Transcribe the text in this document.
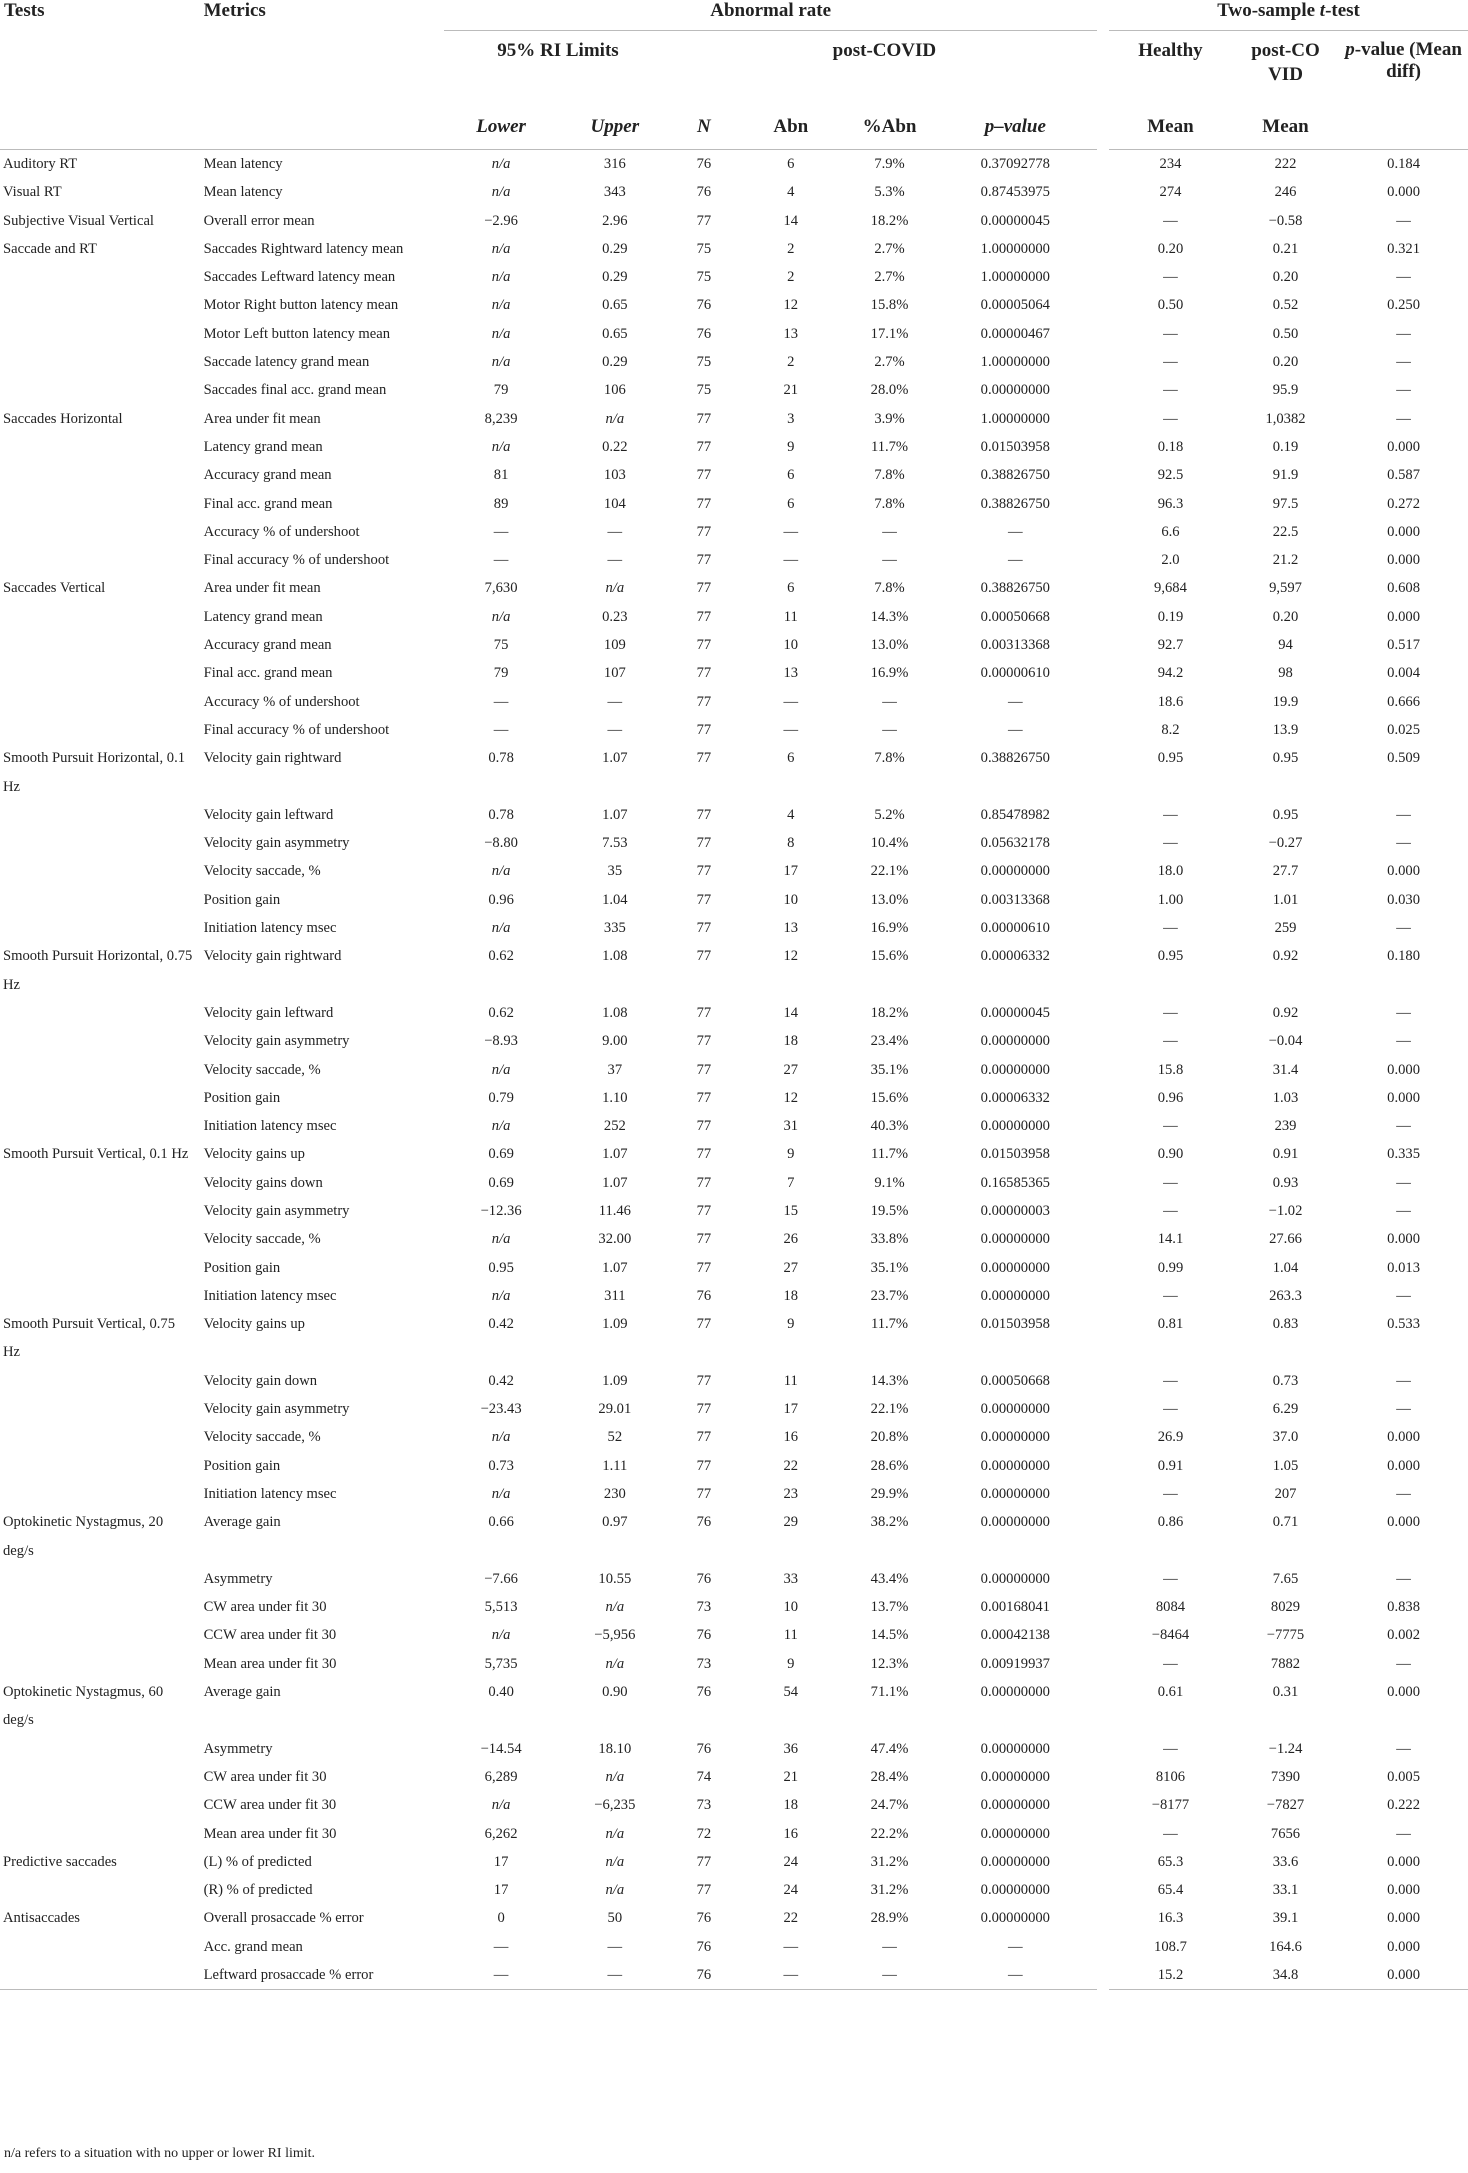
Tests	Metrics	Abnormal rate						Two-sample t-test		
		95% RI Limits		post-COVID				Healthy	post-COVID	p-value (Mean diff)
		Lower	Upper	N	Abn	%Abn	p–value	Mean	Mean	
Auditory RT	Mean latency	n/a	316	76	6	7.9%	0.37092778	234	222	0.184
Visual RT	Mean latency	n/a	343	76	4	5.3%	0.87453975	274	246	0.000
Subjective Visual Vertical	Overall error mean	−2.96	2.96	77	14	18.2%	0.00000045	—	−0.58	—
Saccade and RT	Saccades Rightward latency mean	n/a	0.29	75	2	2.7%	1.00000000	0.20	0.21	0.321
	Saccades Leftward latency mean	n/a	0.29	75	2	2.7%	1.00000000	—	0.20	—
	Motor Right button latency mean	n/a	0.65	76	12	15.8%	0.00005064	0.50	0.52	0.250
	Motor Left button latency mean	n/a	0.65	76	13	17.1%	0.00000467	—	0.50	—
	Saccade latency grand mean	n/a	0.29	75	2	2.7%	1.00000000	—	0.20	—
	Saccades final acc. grand mean	79	106	75	21	28.0%	0.00000000	—	95.9	—
Saccades Horizontal	Area under fit mean	8,239	n/a	77	3	3.9%	1.00000000	—	1,0382	—
	Latency grand mean	n/a	0.22	77	9	11.7%	0.01503958	0.18	0.19	0.000
	Accuracy grand mean	81	103	77	6	7.8%	0.38826750	92.5	91.9	0.587
	Final acc. grand mean	89	104	77	6	7.8%	0.38826750	96.3	97.5	0.272
	Accuracy % of undershoot	—	—	77	—	—	—	6.6	22.5	0.000
	Final accuracy % of undershoot	—	—	77	—	—	—	2.0	21.2	0.000
Saccades Vertical	Area under fit mean	7,630	n/a	77	6	7.8%	0.38826750	9,684	9,597	0.608
	Latency grand mean	n/a	0.23	77	11	14.3%	0.00050668	0.19	0.20	0.000
	Accuracy grand mean	75	109	77	10	13.0%	0.00313368	92.7	94	0.517
	Final acc. grand mean	79	107	77	13	16.9%	0.00000610	94.2	98	0.004
	Accuracy % of undershoot	—	—	77	—	—	—	18.6	19.9	0.666
	Final accuracy % of undershoot	—	—	77	—	—	—	8.2	13.9	0.025
Smooth Pursuit Horizontal, 0.1 Hz	Velocity gain rightward	0.78	1.07	77	6	7.8%	0.38826750	0.95	0.95	0.509
	Velocity gain leftward	0.78	1.07	77	4	5.2%	0.85478982	—	0.95	—
	Velocity gain asymmetry	−8.80	7.53	77	8	10.4%	0.05632178	—	−0.27	—
	Velocity saccade, %	n/a	35	77	17	22.1%	0.00000000	18.0	27.7	0.000
	Position gain	0.96	1.04	77	10	13.0%	0.00313368	1.00	1.01	0.030
	Initiation latency msec	n/a	335	77	13	16.9%	0.00000610	—	259	—
Smooth Pursuit Horizontal, 0.75 Hz	Velocity gain rightward	0.62	1.08	77	12	15.6%	0.00006332	0.95	0.92	0.180
	Velocity gain leftward	0.62	1.08	77	14	18.2%	0.00000045	—	0.92	—
	Velocity gain asymmetry	−8.93	9.00	77	18	23.4%	0.00000000	—	−0.04	—
	Velocity saccade, %	n/a	37	77	27	35.1%	0.00000000	15.8	31.4	0.000
	Position gain	0.79	1.10	77	12	15.6%	0.00006332	0.96	1.03	0.000
	Initiation latency msec	n/a	252	77	31	40.3%	0.00000000	—	239	—
Smooth Pursuit Vertical, 0.1 Hz	Velocity gains up	0.69	1.07	77	9	11.7%	0.01503958	0.90	0.91	0.335
	Velocity gains down	0.69	1.07	77	7	9.1%	0.16585365	—	0.93	—
	Velocity gain asymmetry	−12.36	11.46	77	15	19.5%	0.00000003	—	−1.02	—
	Velocity saccade, %	n/a	32.00	77	26	33.8%	0.00000000	14.1	27.66	0.000
	Position gain	0.95	1.07	77	27	35.1%	0.00000000	0.99	1.04	0.013
	Initiation latency msec	n/a	311	76	18	23.7%	0.00000000	—	263.3	—
Smooth Pursuit Vertical, 0.75 Hz	Velocity gains up	0.42	1.09	77	9	11.7%	0.01503958	0.81	0.83	0.533
	Velocity gain down	0.42	1.09	77	11	14.3%	0.00050668	—	0.73	—
	Velocity gain asymmetry	−23.43	29.01	77	17	22.1%	0.00000000	—	6.29	—
	Velocity saccade, %	n/a	52	77	16	20.8%	0.00000000	26.9	37.0	0.000
	Position gain	0.73	1.11	77	22	28.6%	0.00000000	0.91	1.05	0.000
	Initiation latency msec	n/a	230	77	23	29.9%	0.00000000	—	207	—
Optokinetic Nystagmus, 20 deg/s	Average gain	0.66	0.97	76	29	38.2%	0.00000000	0.86	0.71	0.000
	Asymmetry	−7.66	10.55	76	33	43.4%	0.00000000	—	7.65	—
	CW area under fit 30	5,513	n/a	73	10	13.7%	0.00168041	8084	8029	0.838
	CCW area under fit 30	n/a	−5,956	76	11	14.5%	0.00042138	−8464	−7775	0.002
	Mean area under fit 30	5,735	n/a	73	9	12.3%	0.00919937	—	7882	—
Optokinetic Nystagmus, 60 deg/s	Average gain	0.40	0.90	76	54	71.1%	0.00000000	0.61	0.31	0.000
	Asymmetry	−14.54	18.10	76	36	47.4%	0.00000000	—	−1.24	—
	CW area under fit 30	6,289	n/a	74	21	28.4%	0.00000000	8106	7390	0.005
	CCW area under fit 30	n/a	−6,235	73	18	24.7%	0.00000000	−8177	−7827	0.222
	Mean area under fit 30	6,262	n/a	72	16	22.2%	0.00000000	—	7656	—
Predictive saccades	(L) % of predicted	17	n/a	77	24	31.2%	0.00000000	65.3	33.6	0.000
	(R) % of predicted	17	n/a	77	24	31.2%	0.00000000	65.4	33.1	0.000
Antisaccades	Overall prosaccade % error	0	50	76	22	28.9%	0.00000000	16.3	39.1	0.000
	Acc. grand mean	—	—	76	—	—	—	108.7	164.6	0.000
	Leftward prosaccade % error	—	—	76	—	—	—	15.2	34.8	0.000
n/a refers to a situation with no upper or lower RI limit.
